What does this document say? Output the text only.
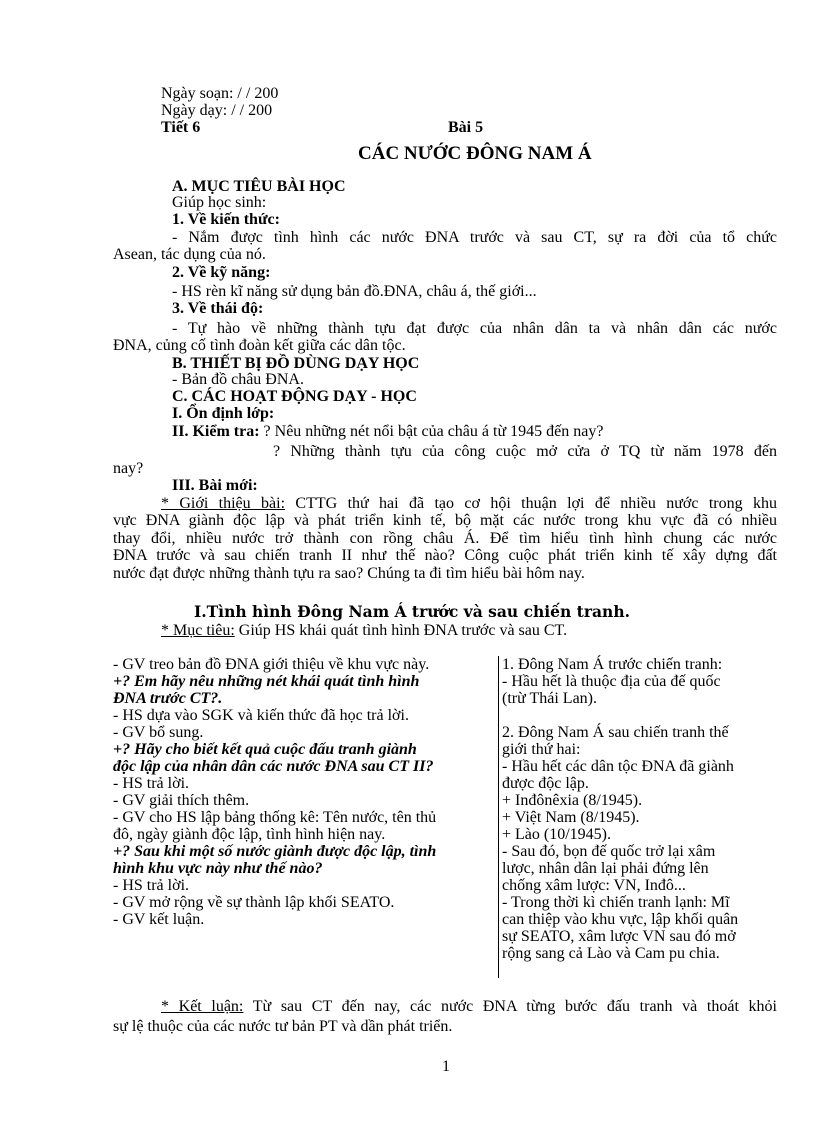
Ngày soạn: / / 200
Ngày dạy: / / 200
Tiết 6	Bài 5
CÁC NƯỚC ĐÔNG NAM Á
A. MỤC TIÊU BÀI HỌC
Giúp học sinh:
1. Về kiến thức:
- Nắm được tình hình các nước ĐNA trước và sau CT, sự ra đời của tổ chức
Asean, tác dụng của nó.
2. Về kỹ năng:
- HS rèn kĩ năng sử dụng bản đồ.ĐNA, châu á, thế giới...
3. Về thái độ:
- Tự hào về những thành tựu đạt được của nhân dân ta và nhân dân các nước
ĐNA, củng cố tình đoàn kết giữa các dân tộc.
B. THIẾT BỊ ĐỒ DÙNG DẠY HỌC
- Bản đồ châu ĐNA.
C. CÁC HOẠT ĐỘNG DẠY - HỌC
I. Ổn định lớp:
II. Kiểm tra: ? Nêu những nét nổi bật của châu á từ 1945 đến nay?
? Những thành tựu của công cuộc mở cửa ở TQ từ năm 1978 đến
nay?
III. Bài mới:
* Giới thiệu bài: CTTG thứ hai đã tạo cơ hội thuận lợi để nhiều nước trong khu
vực ĐNA giành độc lập và phát triển kinh tế, bộ mặt các nước trong khu vực đã có nhiều
thay đổi, nhiều nước trở thành con rồng châu Á. Để tìm hiểu tình hình chung các nước
ĐNA trước và sau chiến tranh II như thế nào? Công cuộc phát triển kinh tế xây dựng đất
nước đạt được những thành tựu ra sao? Chúng ta đi tìm hiểu bài hôm nay.
I.Tình hình Đông Nam Á trước và sau chiến tranh.
* Mục tiêu: Giúp HS khái quát tình hình ĐNA trước và sau CT.

- GV treo bản đồ ĐNA giới thiệu về khu vực này.

+? Em hãy nêu những nét khái quát tình hình

ĐNA trước CT?.

- HS dựa vào SGK và kiến thức đã học trả lời.

- GV bổ sung.

+? Hãy cho biết kết quả cuộc đấu tranh giành

độc lập của nhân dân các nước ĐNA sau CT II?

- HS trả lời.

- GV giải thích thêm.

- GV cho HS lập bảng thống kê: Tên nước, tên thủ

đô, ngày giành độc lập, tình hình hiện nay.

+? Sau khi một số nước giành được độc lập, tình

hình khu vực này như thế nào?

- HS trả lời.

- GV mở rộng về sự thành lập khối SEATO.

- GV kết luận.

1. Đông Nam Á trước chiến tranh:

- Hầu hết là thuộc địa của đế quốc

(trừ Thái Lan).

2. Đông Nam Á sau chiến tranh thế

giới thứ hai:

- Hầu hết các dân tộc ĐNA đã giành

được độc lập.

+ Inđônêxia (8/1945).

+ Việt Nam (8/1945).

+ Lào (10/1945).

- Sau đó, bọn đế quốc trở lại xâm

lược, nhân dân lại phải đứng lên

chống xâm lược: VN, Inđô...

- Trong thời kì chiến tranh lạnh: Mĩ

can thiệp vào khu vực, lập khối quân

sự SEATO, xâm lược VN sau đó mở

rộng sang cả Lào và Cam pu chia.

* Kết luận: Từ sau CT đến nay, các nước ĐNA từng bước đấu tranh và thoát khỏi
sự lệ thuộc của các nước tư bản PT và dần phát triển.
1
